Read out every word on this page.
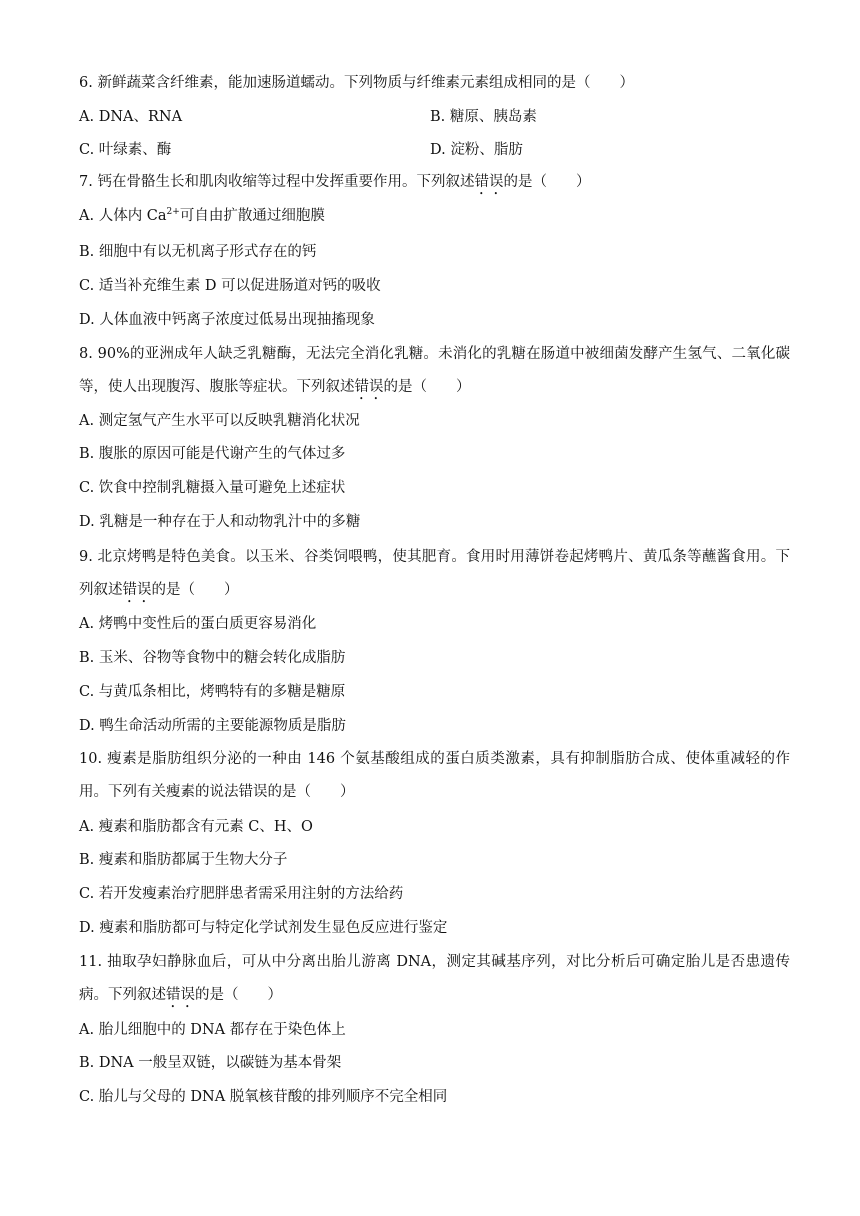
6. 新鲜蔬菜含纤维素，能加速肠道蠕动。下列物质与纤维素元素组成相同的是（　　）
A. DNA、RNA	B. 糖原、胰岛素
C. 叶绿素、酶	D. 淀粉、脂肪
7. 钙在骨骼生长和肌肉收缩等过程中发挥重要作用。下列叙述错误的是（　　）
A. 人体内 $Ca^{2+}$可自由扩散通过细胞膜
B. 细胞中有以无机离子形式存在的钙
C. 适当补充维生素 D 可以促进肠道对钙的吸收
D. 人体血液中钙离子浓度过低易出现抽搐现象
8. 90%的亚洲成年人缺乏乳糖酶，无法完全消化乳糖。未消化的乳糖在肠道中被细菌发酵产生氢气、二氧化碳等，使人出现腹泻、腹胀等症状。下列叙述错误的是（　　）
A. 测定氢气产生水平可以反映乳糖消化状况
B. 腹胀的原因可能是代谢产生的气体过多
C. 饮食中控制乳糖摄入量可避免上述症状
D. 乳糖是一种存在于人和动物乳汁中的多糖
9. 北京烤鸭是特色美食。以玉米、谷类饲喂鸭，使其肥育。食用时用薄饼卷起烤鸭片、黄瓜条等蘸酱食用。下列叙述错误的是（　　）
A. 烤鸭中变性后的蛋白质更容易消化
B. 玉米、谷物等食物中的糖会转化成脂肪
C. 与黄瓜条相比，烤鸭特有的多糖是糖原
D. 鸭生命活动所需的主要能源物质是脂肪
10. 瘦素是脂肪组织分泌的一种由 146 个氨基酸组成的蛋白质类激素，具有抑制脂肪合成、使体重减轻的作用。下列有关瘦素的说法错误的是（　　）
A. 瘦素和脂肪都含有元素 C、H、O
B. 瘦素和脂肪都属于生物大分子
C. 若开发瘦素治疗肥胖患者需采用注射的方法给药
D. 瘦素和脂肪都可与特定化学试剂发生显色反应进行鉴定
11. 抽取孕妇静脉血后，可从中分离出胎儿游离 DNA，测定其碱基序列，对比分析后可确定胎儿是否患遗传病。下列叙述错误的是（　　）
A. 胎儿细胞中的 DNA 都存在于染色体上
B. DNA 一般呈双链，以碳链为基本骨架
C. 胎儿与父母的 DNA 脱氧核苷酸的排列顺序不完全相同
